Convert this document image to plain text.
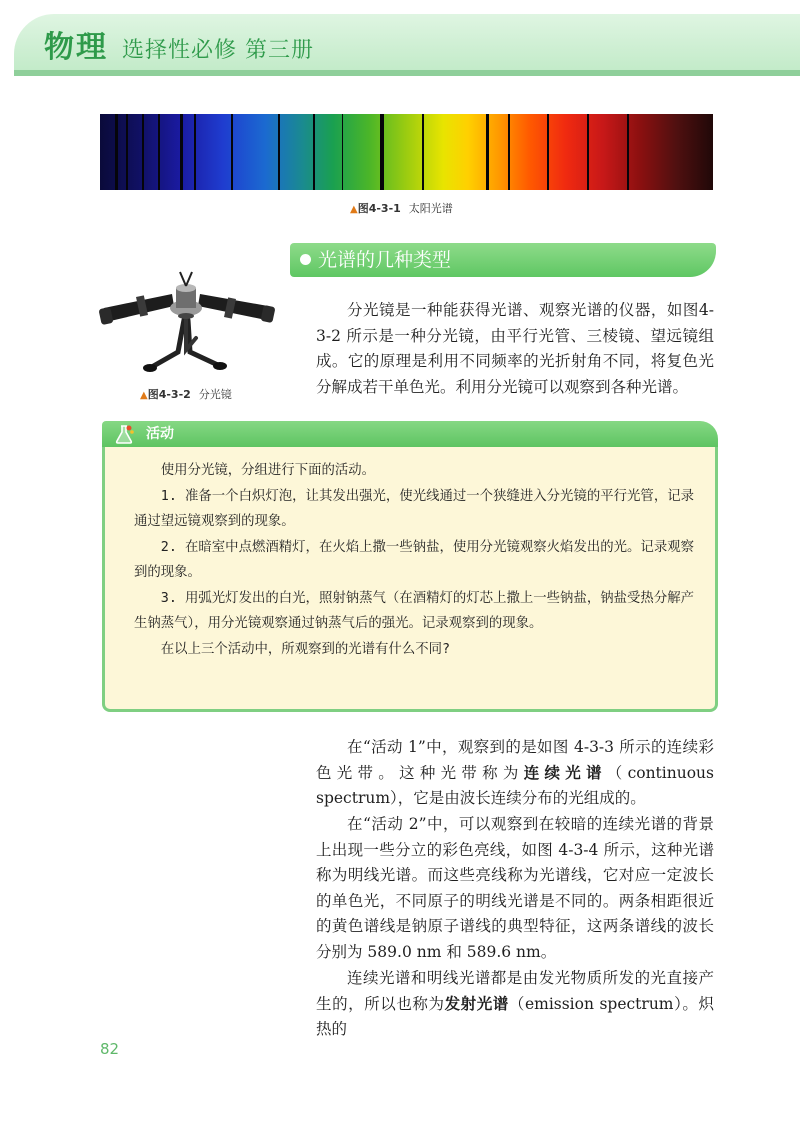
物理 选择性必修 第三册
▲图4-3-1 太阳光谱
▲图4-3-2 分光镜
光谱的几种类型

分光镜是一种能获得光谱、观察光谱的仪器，如图4-3-2 所示是一种分光镜，由平行光管、三棱镜、望远镜组成。它的原理是利用不同频率的光折射角不同，将复色光分解成若干单色光。利用分光镜可以观察到各种光谱。

活动

使用分光镜，分组进行下面的活动。

1. 准备一个白炽灯泡，让其发出强光，使光线通过一个狭缝进入分光镜的平行光管，记录通过望远镜观察到的现象。

2. 在暗室中点燃酒精灯，在火焰上撒一些钠盐，使用分光镜观察火焰发出的光。记录观察到的现象。

3. 用弧光灯发出的白光，照射钠蒸气（在酒精灯的灯芯上撒上一些钠盐，钠盐受热分解产生钠蒸气），用分光镜观察通过钠蒸气后的强光。记录观察到的现象。

在以上三个活动中，所观察到的光谱有什么不同?

在“活动 1”中，观察到的是如图 4-3-3 所示的连续彩色光带。这种光带称为连续光谱（continuous spectrum），它是由波长连续分布的光组成的。

在“活动 2”中，可以观察到在较暗的连续光谱的背景上出现一些分立的彩色亮线，如图 4-3-4 所示，这种光谱称为明线光谱。而这些亮线称为光谱线，它对应一定波长的单色光，不同原子的明线光谱是不同的。两条相距很近的黄色谱线是钠原子谱线的典型特征，这两条谱线的波长分别为 589.0 nm 和 589.6 nm。

连续光谱和明线光谱都是由发光物质所发的光直接产生的，所以也称为发射光谱（emission spectrum）。炽热的

82
